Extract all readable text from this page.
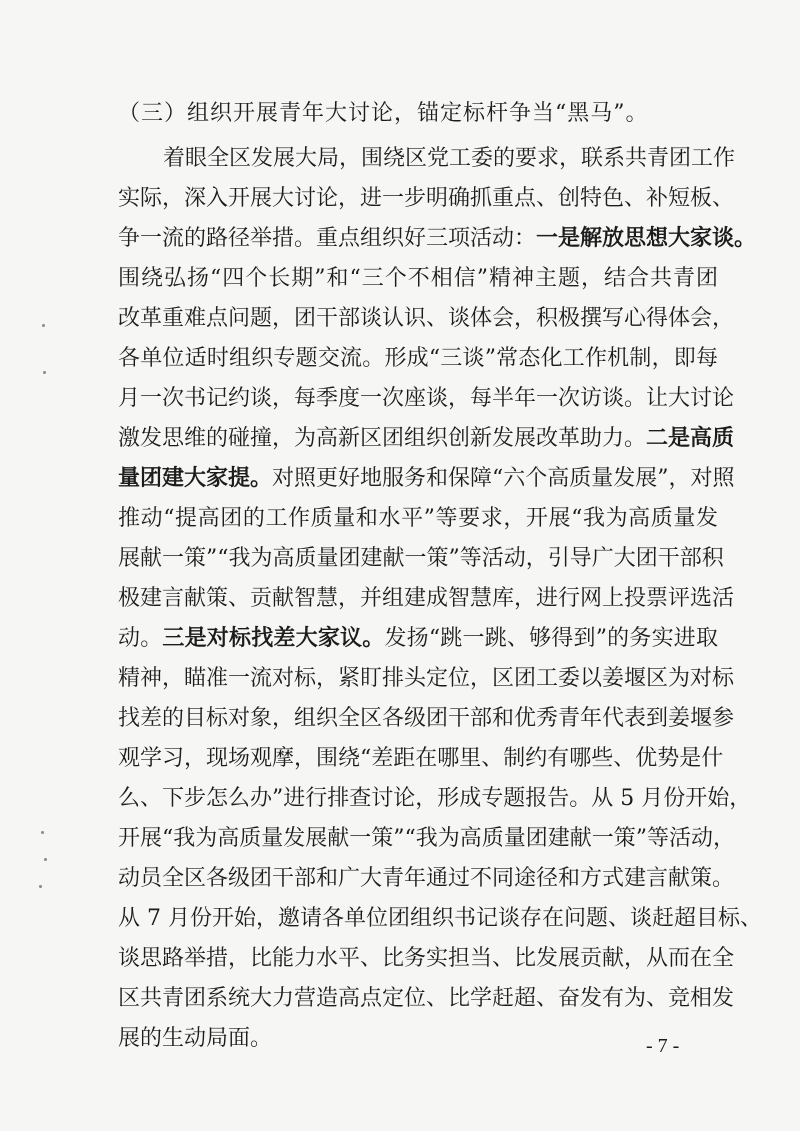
（三）组织开展青年大讨论，锚定标杆争当“黑马”。
着眼全区发展大局，围绕区党工委的要求，联系共青团工作
实际，深入开展大讨论，进一步明确抓重点、创特色、补短板、
争一流的路径举措。重点组织好三项活动：一是解放思想大家谈。
围绕弘扬“四个长期”和“三个不相信”精神主题，结合共青团
改革重难点问题，团干部谈认识、谈体会，积极撰写心得体会，
各单位适时组织专题交流。形成“三谈”常态化工作机制，即每
月一次书记约谈，每季度一次座谈，每半年一次访谈。让大讨论
激发思维的碰撞，为高新区团组织创新发展改革助力。二是高质
量团建大家提。对照更好地服务和保障“六个高质量发展”，对照
推动“提高团的工作质量和水平”等要求，开展“我为高质量发
展献一策”“我为高质量团建献一策”等活动，引导广大团干部积
极建言献策、贡献智慧，并组建成智慧库，进行网上投票评选活
动。三是对标找差大家议。发扬“跳一跳、够得到”的务实进取
精神，瞄准一流对标，紧盯排头定位，区团工委以姜堰区为对标
找差的目标对象，组织全区各级团干部和优秀青年代表到姜堰参
观学习，现场观摩，围绕“差距在哪里、制约有哪些、优势是什
么、下步怎么办”进行排查讨论，形成专题报告。从 5 月份开始，
开展“我为高质量发展献一策”“我为高质量团建献一策”等活动，
动员全区各级团干部和广大青年通过不同途径和方式建言献策。
从 7 月份开始，邀请各单位团组织书记谈存在问题、谈赶超目标、
谈思路举措，比能力水平、比务实担当、比发展贡献，从而在全
区共青团系统大力营造高点定位、比学赶超、奋发有为、竞相发
展的生动局面。	- 7 -
